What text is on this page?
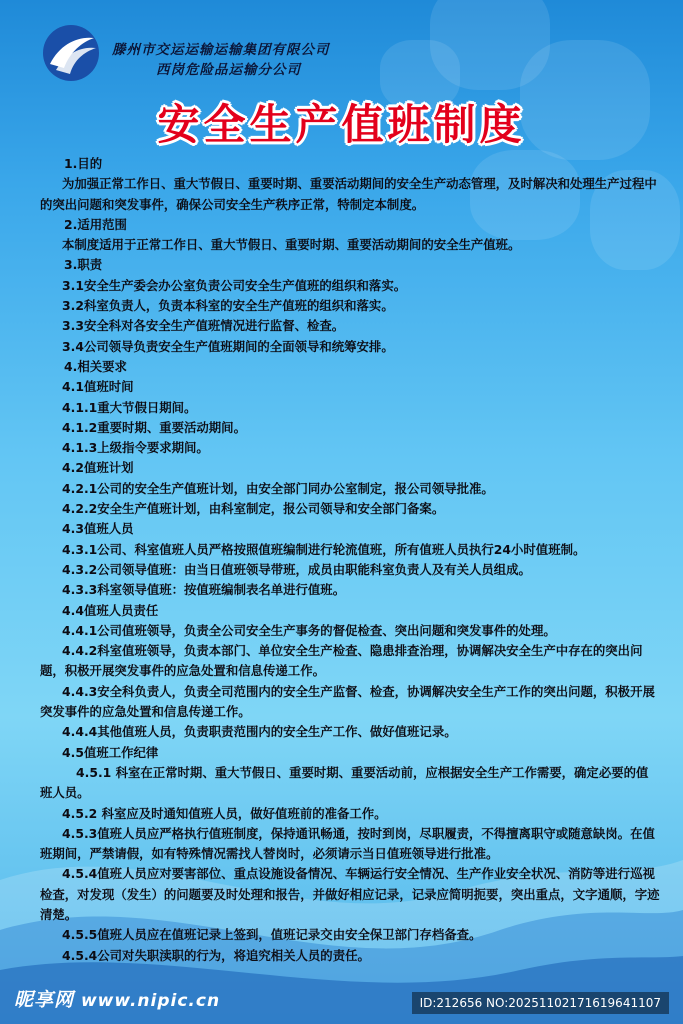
滕州市交运运输运输集团有限公司
西岗危险品运输分公司
安全生产值班制度

1.目的

为加强正常工作日、重大节假日、重要时期、重要活动期间的安全生产动态管理，及时解决和处理生产过程中的突出问题和突发事件，确保公司安全生产秩序正常，特制定本制度。

2.适用范围

本制度适用于正常工作日、重大节假日、重要时期、重要活动期间的安全生产值班。

3.职责

3.1安全生产委会办公室负责公司安全生产值班的组织和落实。

3.2科室负责人，负责本科室的安全生产值班的组织和落实。

3.3安全科对各安全生产值班情况进行监督、检查。

3.4公司领导负责安全生产值班期间的全面领导和统筹安排。

4.相关要求

4.1值班时间

4.1.1重大节假日期间。

4.1.2重要时期、重要活动期间。

4.1.3上级指令要求期间。

4.2值班计划

4.2.1公司的安全生产值班计划，由安全部门同办公室制定，报公司领导批准。

4.2.2安全生产值班计划，由科室制定，报公司领导和安全部门备案。

4.3值班人员

4.3.1公司、科室值班人员严格按照值班编制进行轮流值班，所有值班人员执行24小时值班制。

4.3.2公司领导值班：由当日值班领导带班，成员由职能科室负责人及有关人员组成。

4.3.3科室领导值班：按值班编制表名单进行值班。

4.4值班人员责任

4.4.1公司值班领导，负责全公司安全生产事务的督促检查、突出问题和突发事件的处理。

4.4.2科室值班领导，负责本部门、单位安全生产检查、隐患排查治理，协调解决安全生产中存在的突出问题，积极开展突发事件的应急处置和信息传递工作。

4.4.3安全科负责人，负责全司范围内的安全生产监督、检查，协调解决安全生产工作的突出问题，积极开展突发事件的应急处置和信息传递工作。

4.4.4其他值班人员，负责职责范围内的安全生产工作、做好值班记录。

4.5值班工作纪律

4.5.1 科室在正常时期、重大节假日、重要时期、重要活动前，应根据安全生产工作需要，确定必要的值班人员。

4.5.2 科室应及时通知值班人员，做好值班前的准备工作。

4.5.3值班人员应严格执行值班制度，保持通讯畅通，按时到岗，尽职履责，不得擅离职守或随意缺岗。在值班期间，严禁请假，如有特殊情况需找人替岗时，必须请示当日值班领导进行批准。

4.5.4值班人员应对要害部位、重点设施设备情况、车辆运行安全情况、生产作业安全状况、消防等进行巡视检查，对发现（发生）的问题要及时处理和报告，并做好相应记录，记录应简明扼要，突出重点，文字通顺，字迹清楚。

4.5.5值班人员应在值班记录上签到，值班记录交由安全保卫部门存档备查。

4.5.4公司对失职渎职的行为，将追究相关人员的责任。

昵享网 www.nipic.cn	ID:212656 NO:20251102171619641107
